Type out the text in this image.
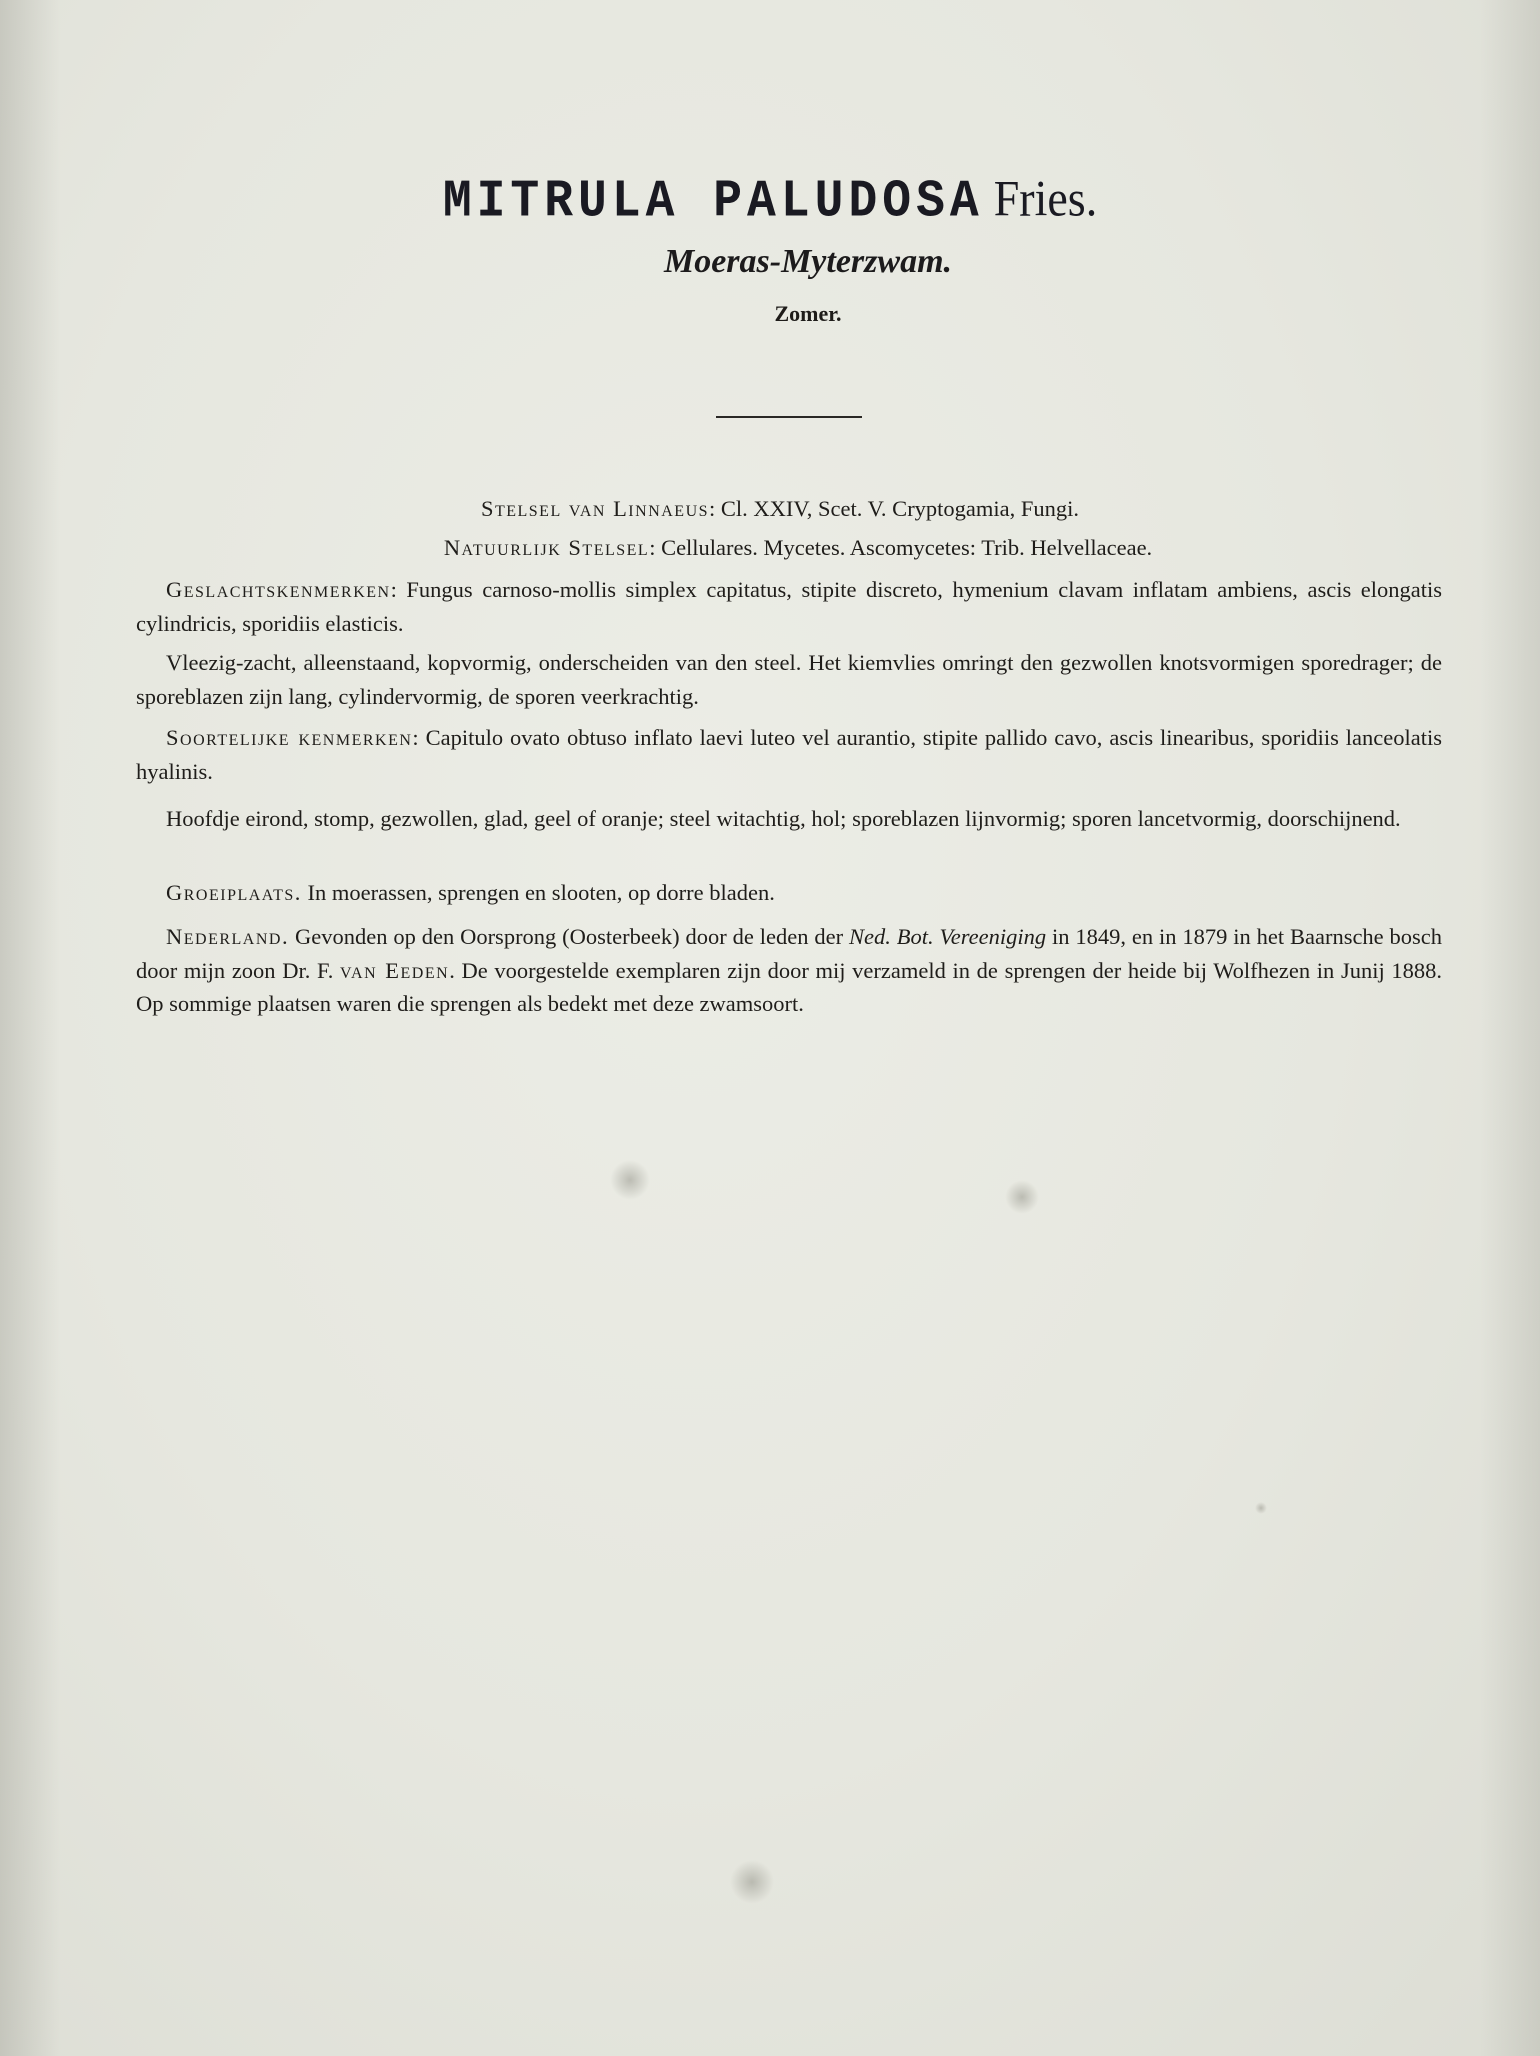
MITRULA PALUDOSA Fries.
Moeras-Myterzwam.
Zomer.
Stelsel van Linnaeus: Cl. XXIV, Scet. V. Cryptogamia, Fungi.
Natuurlijk Stelsel: Cellulares. Mycetes. Ascomycetes: Trib. Helvellaceae.
Geslachtskenmerken: Fungus carnoso-mollis simplex capitatus, stipite discreto, hymenium clavam inflatam ambiens, ascis elongatis cylindricis, sporidiis elasticis.
Vleezig-zacht, alleenstaand, kopvormig, onderscheiden van den steel. Het kiemvlies omringt den gezwollen knotsvormigen sporedrager; de sporeblazen zijn lang, cylindervormig, de sporen veerkrachtig.
Soortelijke kenmerken: Capitulo ovato obtuso inflato laevi luteo vel aurantio, stipite pallido cavo, ascis linearibus, sporidiis lanceolatis hyalinis.
Hoofdje eirond, stomp, gezwollen, glad, geel of oranje; steel witachtig, hol; sporeblazen lijnvormig; sporen lancetvormig, doorschijnend.
Groeiplaats. In moerassen, sprengen en slooten, op dorre bladen.
Nederland. Gevonden op den Oorsprong (Oosterbeek) door de leden der Ned. Bot. Vereeniging in 1849, en in 1879 in het Baarnsche bosch door mijn zoon Dr. F. van Eeden. De voorgestelde exemplaren zijn door mij verzameld in de sprengen der heide bij Wolfhezen in Junij 1888. Op sommige plaatsen waren die sprengen als bedekt met deze zwamsoort.
